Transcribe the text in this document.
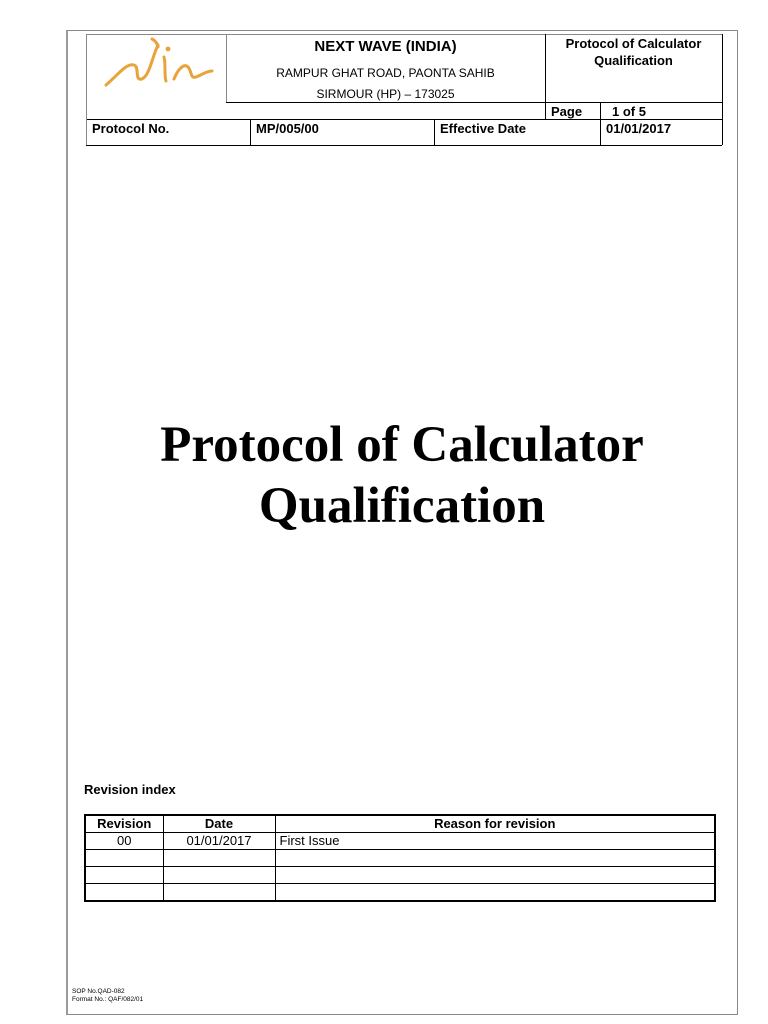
NEXT WAVE (INDIA)
RAMPUR GHAT ROAD, PAONTA SAHIB
SIRMOUR (HP) – 173025
Protocol of Calculator
Qualification
Page 1 of 5
Protocol No.	MP/005/00	Effective Date	01/01/2017
Protocol of Calculator
Qualification
Revision index
Revision	Date	Reason for revision
00	01/01/2017	First Issue

SOP No.QAD-082
Format No.: QAF/082/01
